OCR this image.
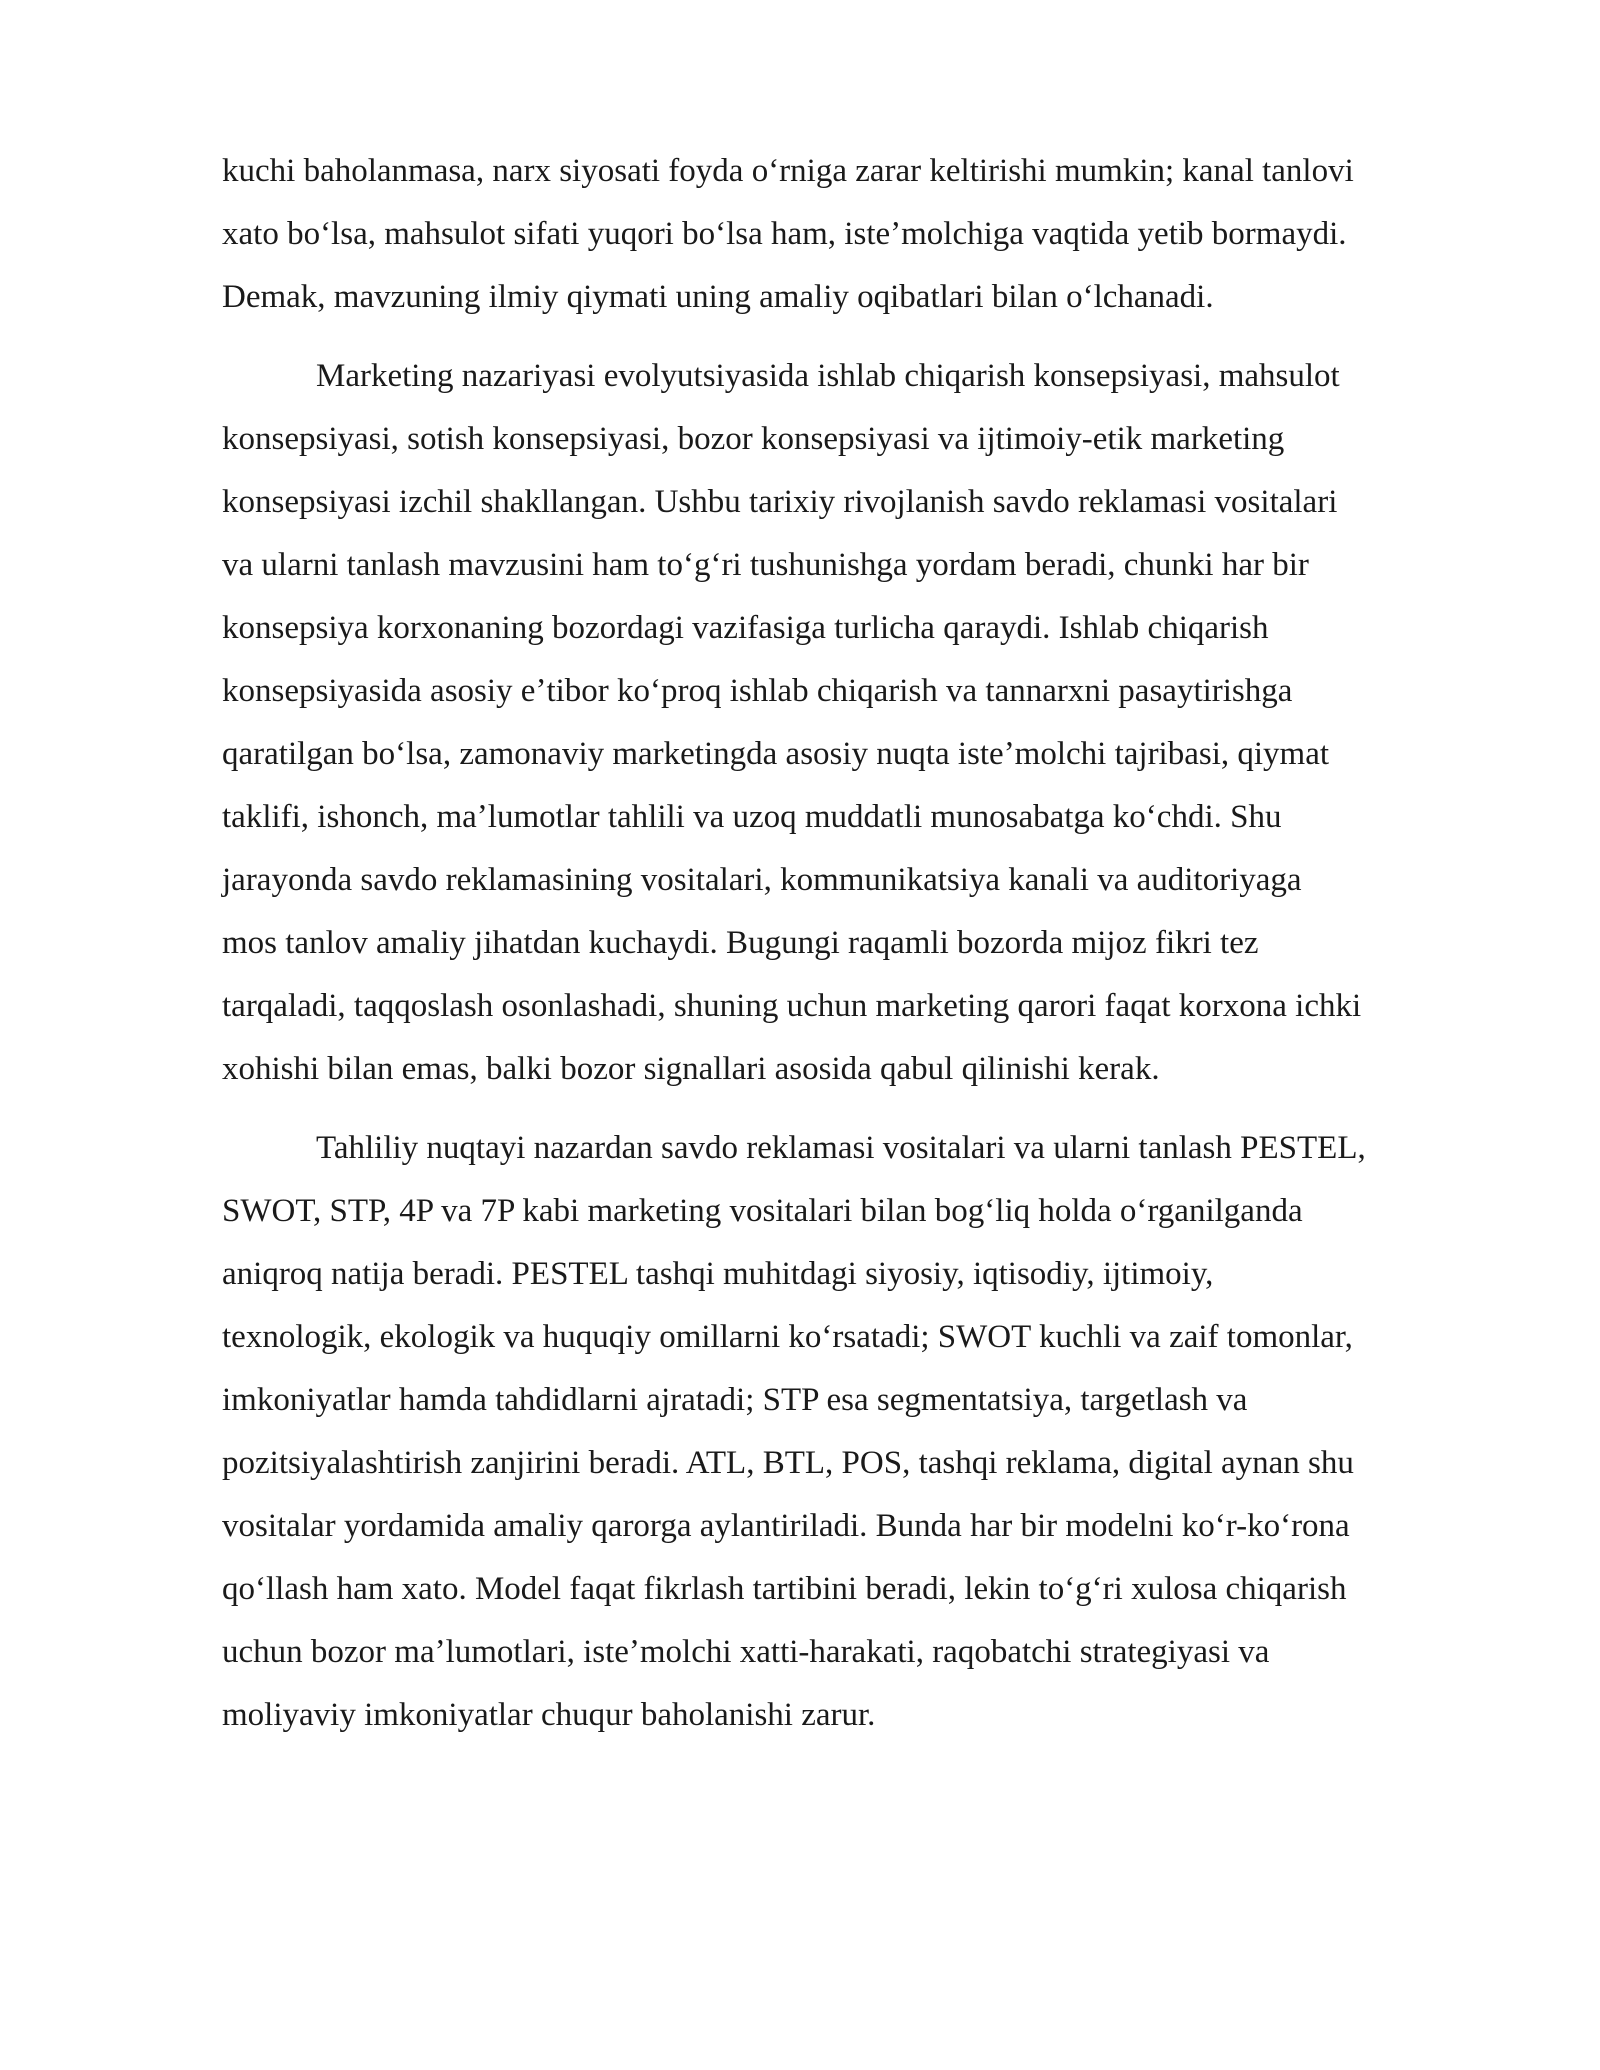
kuchi baholanmasa, narx siyosati foyda oʻrniga zarar keltirishi mumkin; kanal tanlovi
xato boʻlsa, mahsulot sifati yuqori boʻlsa ham, isteʼmolchiga vaqtida yetib bormaydi.
Demak, mavzuning ilmiy qiymati uning amaliy oqibatlari bilan oʻlchanadi.

Marketing nazariyasi evolyutsiyasida ishlab chiqarish konsepsiyasi, mahsulot
konsepsiyasi, sotish konsepsiyasi, bozor konsepsiyasi va ijtimoiy-etik marketing
konsepsiyasi izchil shakllangan. Ushbu tarixiy rivojlanish savdo reklamasi vositalari
va ularni tanlash mavzusini ham toʻgʻri tushunishga yordam beradi, chunki har bir
konsepsiya korxonaning bozordagi vazifasiga turlicha qaraydi. Ishlab chiqarish
konsepsiyasida asosiy eʼtibor koʻproq ishlab chiqarish va tannarxni pasaytirishga
qaratilgan boʻlsa, zamonaviy marketingda asosiy nuqta isteʼmolchi tajribasi, qiymat
taklifi, ishonch, maʼlumotlar tahlili va uzoq muddatli munosabatga koʻchdi. Shu
jarayonda savdo reklamasining vositalari, kommunikatsiya kanali va auditoriyaga
mos tanlov amaliy jihatdan kuchaydi. Bugungi raqamli bozorda mijoz fikri tez
tarqaladi, taqqoslash osonlashadi, shuning uchun marketing qarori faqat korxona ichki
xohishi bilan emas, balki bozor signallari asosida qabul qilinishi kerak.

Tahliliy nuqtayi nazardan savdo reklamasi vositalari va ularni tanlash PESTEL,
SWOT, STP, 4P va 7P kabi marketing vositalari bilan bogʻliq holda oʻrganilganda
aniqroq natija beradi. PESTEL tashqi muhitdagi siyosiy, iqtisodiy, ijtimoiy,
texnologik, ekologik va huquqiy omillarni koʻrsatadi; SWOT kuchli va zaif tomonlar,
imkoniyatlar hamda tahdidlarni ajratadi; STP esa segmentatsiya, targetlash va
pozitsiyalashtirish zanjirini beradi. ATL, BTL, POS, tashqi reklama, digital aynan shu
vositalar yordamida amaliy qarorga aylantiriladi. Bunda har bir modelni koʻr-koʻrona
qoʻllash ham xato. Model faqat fikrlash tartibini beradi, lekin toʻgʻri xulosa chiqarish
uchun bozor maʼlumotlari, isteʼmolchi xatti-harakati, raqobatchi strategiyasi va
moliyaviy imkoniyatlar chuqur baholanishi zarur.
